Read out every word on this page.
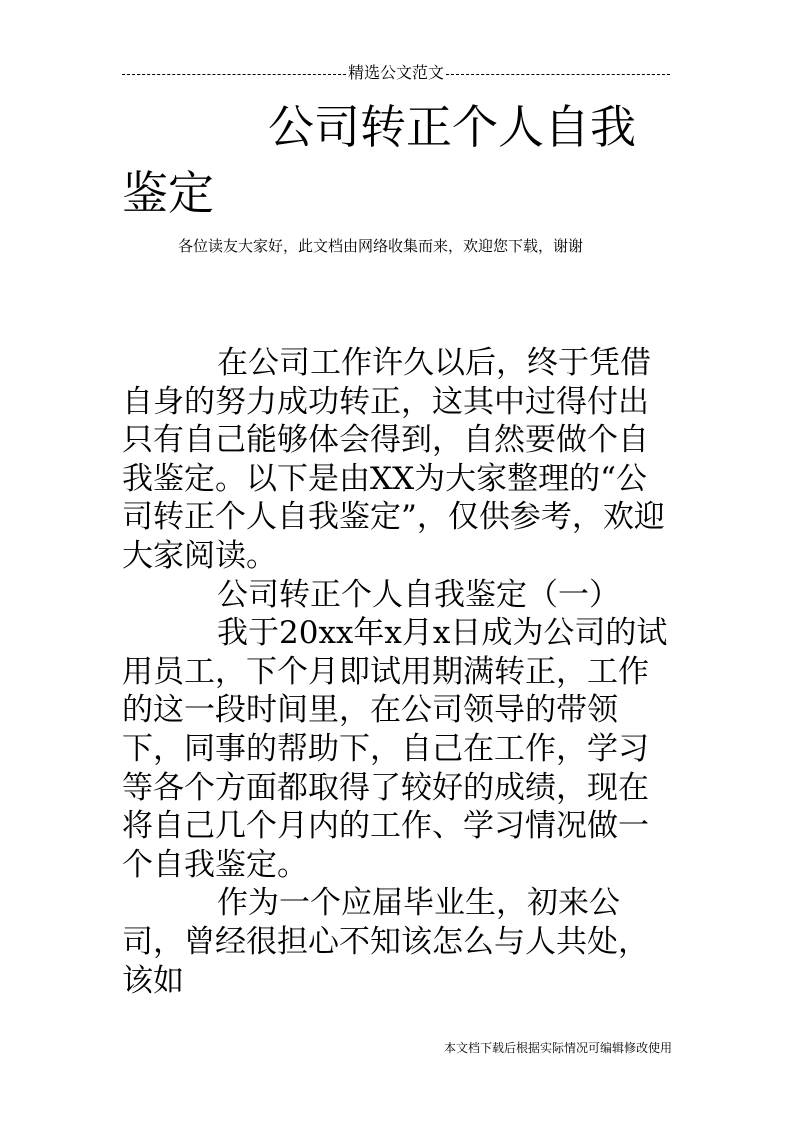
精选公文范文
公司转正个人自我
鉴定

各位读友大家好，此文档由网络收集而来，欢迎您下载，谢谢

在公司工作许久以后，终于凭借自身的努力成功转正，这其中过得付出只有自己能够体会得到，自然要做个自我鉴定。以下是由XX为大家整理的“公司转正个人自我鉴定”，仅供参考，欢迎大家阅读。

公司转正个人自我鉴定（一）

我于20xx年x月x日成为公司的试用员工，下个月即试用期满转正，工作的这一段时间里，在公司领导的带领下，同事的帮助下，自己在工作，学习等各个方面都取得了较好的成绩，现在将自己几个月内的工作、学习情况做一个自我鉴定。

作为一个应届毕业生，初来公司，曾经很担心不知该怎么与人共处，该如

本文档下载后根据实际情况可编辑修改使用
